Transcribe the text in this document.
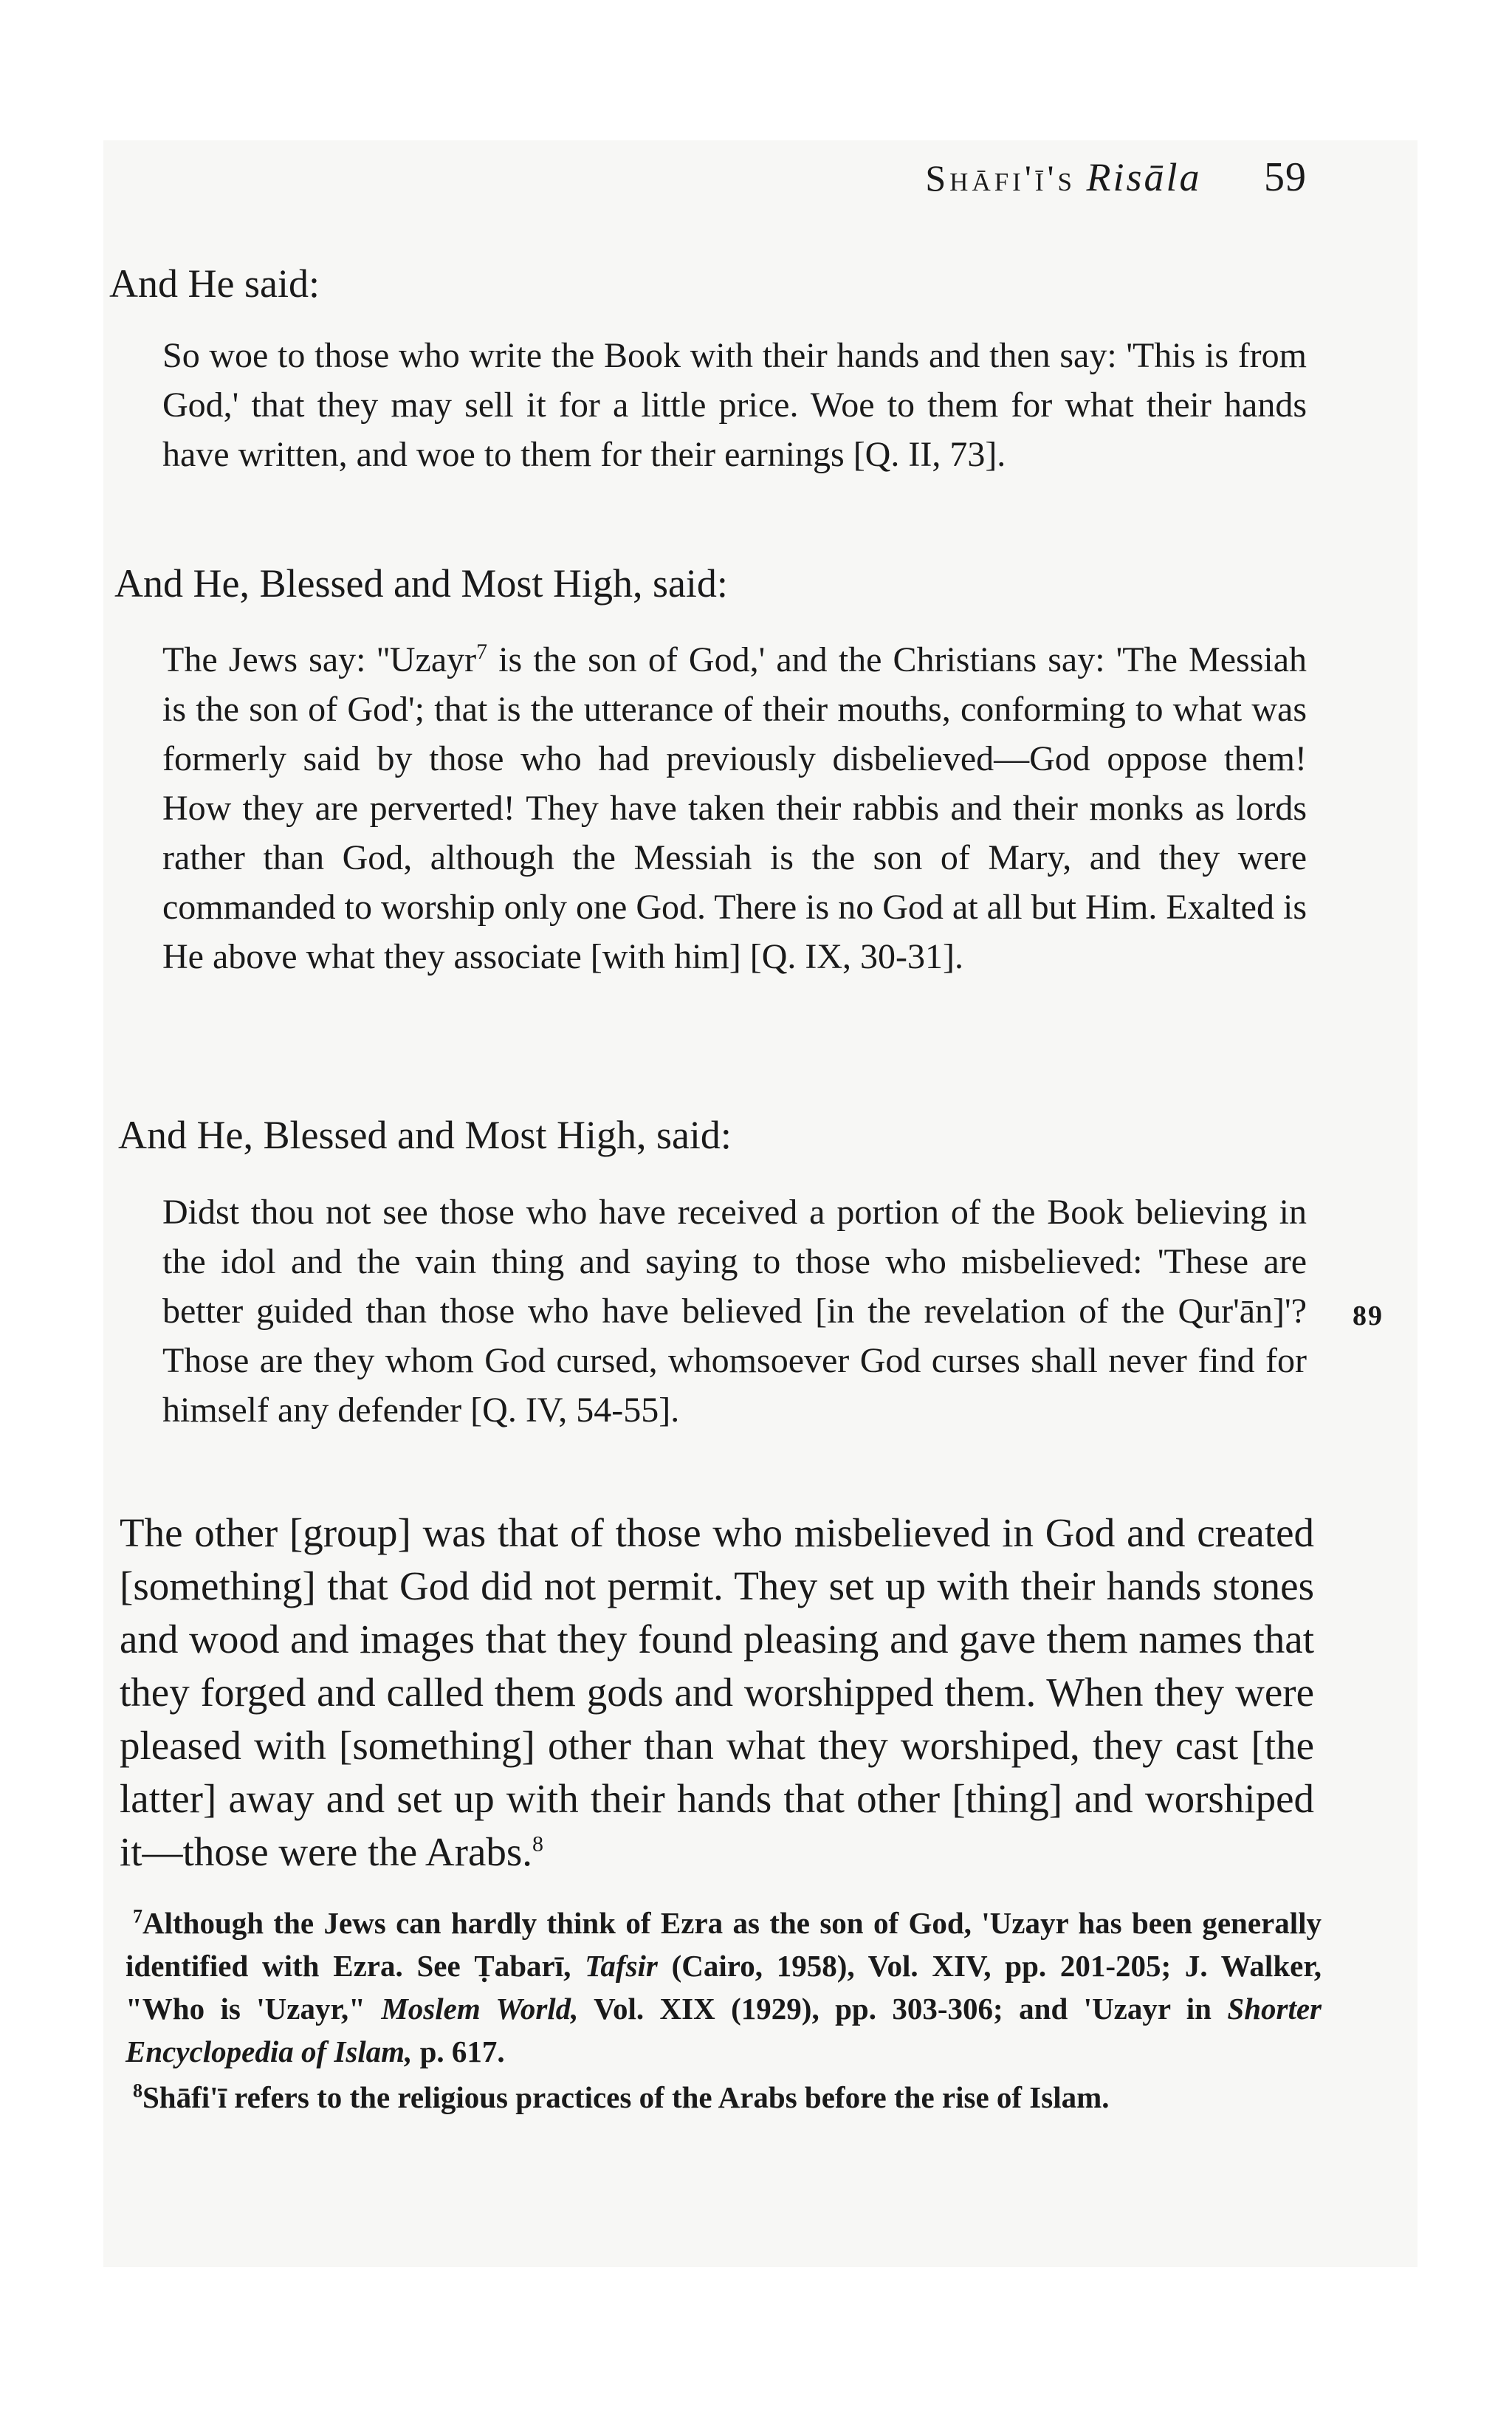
Shāfi'ī's Risāla 59

And He said:

So woe to those who write the Book with their hands and then say: 'This is from God,' that they may sell it for a little price. Woe to them for what their hands have written, and woe to them for their earnings [Q. II, 73].

And He, Blessed and Most High, said:

The Jews say: ''Uzayr$^7$ is the son of God,' and the Christians say: 'The Messiah is the son of God'; that is the utterance of their mouths, conforming to what was formerly said by those who had previously disbelieved—God oppose them! How they are perverted! They have taken their rabbis and their monks as lords rather than God, although the Messiah is the son of Mary, and they were commanded to worship only one God. There is no God at all but Him. Exalted is He above what they associate [with him] [Q. IX, 30-31].

And He, Blessed and Most High, said:

Didst thou not see those who have received a portion of the Book believing in the idol and the vain thing and saying to those who misbelieved: 'These are better guided than those who have believed [in the revelation of the Qur'ān]'? Those are they whom God cursed, whomsoever God curses shall never find for himself any defender [Q. IV, 54-55].

89

The other [group] was that of those who misbelieved in God and created [something] that God did not permit. They set up with their hands stones and wood and images that they found pleasing and gave them names that they forged and called them gods and worshipped them. When they were pleased with [something] other than what they worshiped, they cast [the latter] away and set up with their hands that other [thing] and worshiped it—those were the Arabs.$^8$

$^7$Although the Jews can hardly think of Ezra as the son of God, 'Uzayr has been generally identified with Ezra. See Ṭabarī, Tafsir (Cairo, 1958), Vol. XIV, pp. 201-205; J. Walker, "Who is 'Uzayr," Moslem World, Vol. XIX (1929), pp. 303-306; and 'Uzayr in Shorter Encyclopedia of Islam, p. 617.

$^8$Shāfi'ī refers to the religious practices of the Arabs before the rise of Islam.
